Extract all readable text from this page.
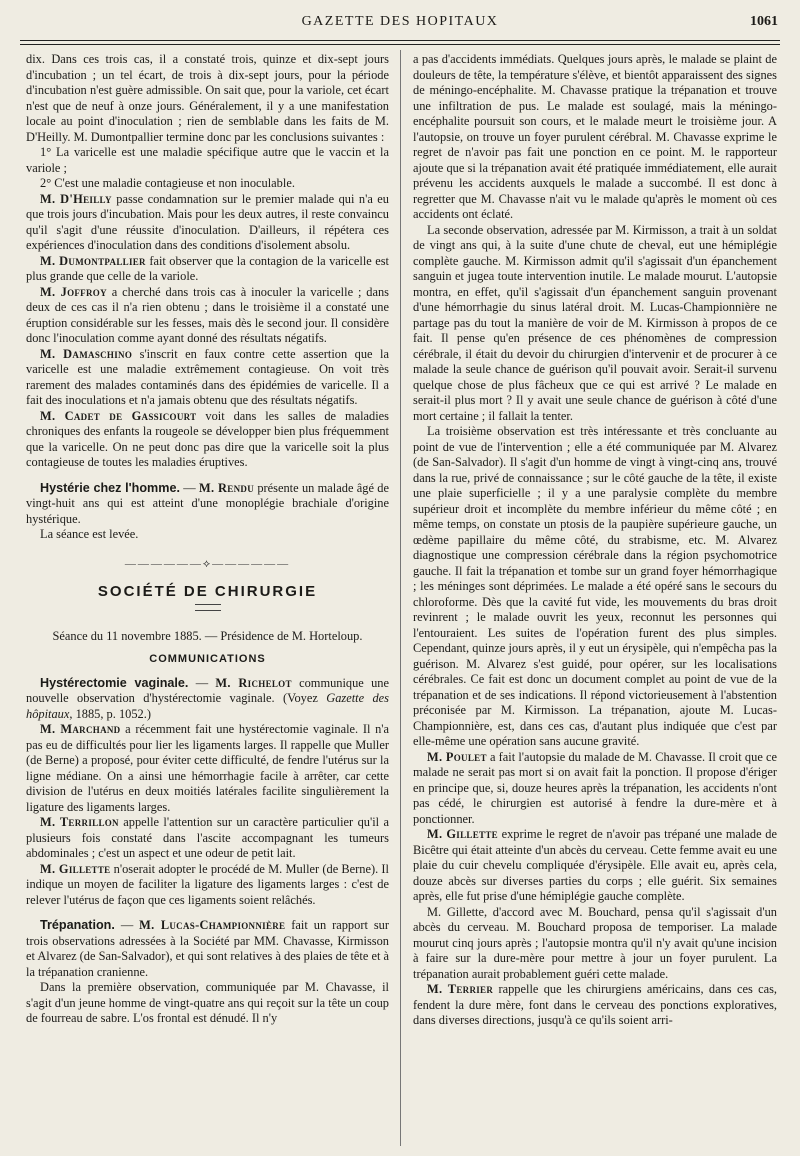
GAZETTE DES HOPITAUX	1061

dix. Dans ces trois cas, il a constaté trois, quinze et dix-sept jours d'incubation ; un tel écart, de trois à dix-sept jours, pour la période d'incubation n'est guère admissible. On sait que, pour la variole, cet écart n'est que de neuf à onze jours. Généralement, il y a une manifestation locale au point d'inoculation ; rien de semblable dans les faits de M. D'Heilly. M. Dumontpallier termine donc par les conclusions suivantes :

1° La varicelle est une maladie spécifique autre que le vaccin et la variole ;

2° C'est une maladie contagieuse et non inoculable.

M. D'Heilly passe condamnation sur le premier malade qui n'a eu que trois jours d'incubation. Mais pour les deux autres, il reste convaincu qu'il s'agit d'une réussite d'inoculation. D'ailleurs, il répétera ces expériences d'inoculation dans des conditions d'isolement absolu.

M. Dumontpallier fait observer que la contagion de la varicelle est plus grande que celle de la variole.

M. Joffroy a cherché dans trois cas à inoculer la varicelle ; dans deux de ces cas il n'a rien obtenu ; dans le troisième il a constaté une éruption considérable sur les fesses, mais dès le second jour. Il considère donc l'inoculation comme ayant donné des résultats négatifs.

M. Damaschino s'inscrit en faux contre cette assertion que la varicelle est une maladie extrêmement contagieuse. On voit très rarement des malades contaminés dans des épidémies de varicelle. Il a fait des inoculations et n'a jamais obtenu que des résultats négatifs.

M. Cadet de Gassicourt voit dans les salles de maladies chroniques des enfants la rougeole se développer bien plus fréquemment que la varicelle. On ne peut donc pas dire que la varicelle soit la plus contagieuse de toutes les maladies éruptives.

Hystérie chez l'homme. — M. Rendu présente un malade âgé de vingt-huit ans qui est atteint d'une monoplégie brachiale d'origine hystérique.

La séance est levée.

——————⟡——————
SOCIÉTÉ DE CHIRURGIE

Séance du 11 novembre 1885. — Présidence de M. Horteloup.

COMMUNICATIONS

Hystérectomie vaginale. — M. Richelot communique une nouvelle observation d'hystérectomie vaginale. (Voyez Gazette des hôpitaux, 1885, p. 1052.)

M. Marchand a récemment fait une hystérectomie vaginale. Il n'a pas eu de difficultés pour lier les ligaments larges. Il rappelle que Muller (de Berne) a proposé, pour éviter cette difficulté, de fendre l'utérus sur la ligne médiane. On a ainsi une hémorrhagie facile à arrêter, car cette division de l'utérus en deux moitiés latérales facilite singulièrement la ligature des ligaments larges.

M. Terrillon appelle l'attention sur un caractère particulier qu'il a plusieurs fois constaté dans l'ascite accompagnant les tumeurs abdominales ; c'est un aspect et une odeur de petit lait.

M. Gillette n'oserait adopter le procédé de M. Muller (de Berne). Il indique un moyen de faciliter la ligature des ligaments larges : c'est de relever l'utérus de façon que ces ligaments soient relâchés.

Trépanation. — M. Lucas-Championnière fait un rapport sur trois observations adressées à la Société par MM. Chavasse, Kirmisson et Alvarez (de San-Salvador), et qui sont relatives à des plaies de tête et à la trépanation cranienne.

Dans la première observation, communiquée par M. Chavasse, il s'agit d'un jeune homme de vingt-quatre ans qui reçoit sur la tête un coup de fourreau de sabre. L'os frontal est dénudé. Il n'y

a pas d'accidents immédiats. Quelques jours après, le malade se plaint de douleurs de tête, la température s'élève, et bientôt apparaissent des signes de méningo-encéphalite. M. Chavasse pratique la trépanation et trouve une infiltration de pus. Le malade est soulagé, mais la méningo-encéphalite poursuit son cours, et le malade meurt le troisième jour. A l'autopsie, on trouve un foyer purulent cérébral. M. Chavasse exprime le regret de n'avoir pas fait une ponction en ce point. M. le rapporteur ajoute que si la trépanation avait été pratiquée immédiatement, elle aurait prévenu les accidents auxquels le malade a succombé. Il est donc à regretter que M. Chavasse n'ait vu le malade qu'après le moment où ces accidents ont éclaté.

La seconde observation, adressée par M. Kirmisson, a trait à un soldat de vingt ans qui, à la suite d'une chute de cheval, eut une hémiplégie complète gauche. M. Kirmisson admit qu'il s'agissait d'un épanchement sanguin et jugea toute intervention inutile. Le malade mourut. L'autopsie montra, en effet, qu'il s'agissait d'un épanchement sanguin provenant d'une hémorrhagie du sinus latéral droit. M. Lucas-Championnière ne partage pas du tout la manière de voir de M. Kirmisson à propos de ce fait. Il pense qu'en présence de ces phénomènes de compression cérébrale, il était du devoir du chirurgien d'intervenir et de procurer à ce malade la seule chance de guérison qu'il pouvait avoir. Serait-il survenu quelque chose de plus fâcheux que ce qui est arrivé ? Le malade en serait-il plus mort ? Il y avait une seule chance de guérison à côté d'une mort certaine ; il fallait la tenter.

La troisième observation est très intéressante et très concluante au point de vue de l'intervention ; elle a été communiquée par M. Alvarez (de San-Salvador). Il s'agit d'un homme de vingt à vingt-cinq ans, trouvé dans la rue, privé de connaissance ; sur le côté gauche de la tête, il existe une plaie superficielle ; il y a une paralysie complète du membre supérieur droit et incomplète du membre inférieur du même côté ; en même temps, on constate un ptosis de la paupière supérieure gauche, un œdème papillaire du même côté, du strabisme, etc. M. Alvarez diagnostique une compression cérébrale dans la région psychomotrice gauche. Il fait la trépanation et tombe sur un grand foyer hémorrhagique ; les méninges sont déprimées. Le malade a été opéré sans le secours du chloroforme. Dès que la cavité fut vide, les mouvements du bras droit revinrent ; le malade ouvrit les yeux, reconnut les personnes qui l'entouraient. Les suites de l'opération furent des plus simples. Cependant, quinze jours après, il y eut un érysipèle, qui n'empêcha pas la guérison. M. Alvarez s'est guidé, pour opérer, sur les localisations cérébrales. Ce fait est donc un document complet au point de vue de la trépanation et de ses indications. Il répond victorieusement à l'abstention préconisée par M. Kirmisson. La trépanation, ajoute M. Lucas-Championnière, est, dans ces cas, d'autant plus indiquée que c'est par elle-même une opération sans aucune gravité.

M. Poulet a fait l'autopsie du malade de M. Chavasse. Il croit que ce malade ne serait pas mort si on avait fait la ponction. Il propose d'ériger en principe que, si, douze heures après la trépanation, les accidents n'ont pas cédé, le chirurgien est autorisé à fendre la dure-mère et à ponctionner.

M. Gillette exprime le regret de n'avoir pas trépané une malade de Bicêtre qui était atteinte d'un abcès du cerveau. Cette femme avait eu une plaie du cuir chevelu compliquée d'érysipèle. Elle avait eu, après cela, douze abcès sur diverses parties du corps ; elle guérit. Six semaines après, elle fut prise d'une hémiplégie gauche complète.

M. Gillette, d'accord avec M. Bouchard, pensa qu'il s'agissait d'un abcès du cerveau. M. Bouchard proposa de temporiser. La malade mourut cinq jours après ; l'autopsie montra qu'il n'y avait qu'une incision à faire sur la dure-mère pour mettre à jour un foyer purulent. La trépanation aurait probablement guéri cette malade.

M. Terrier rappelle que les chirurgiens américains, dans ces cas, fendent la dure mère, font dans le cerveau des ponctions exploratives, dans diverses directions, jusqu'à ce qu'ils soient arri-
